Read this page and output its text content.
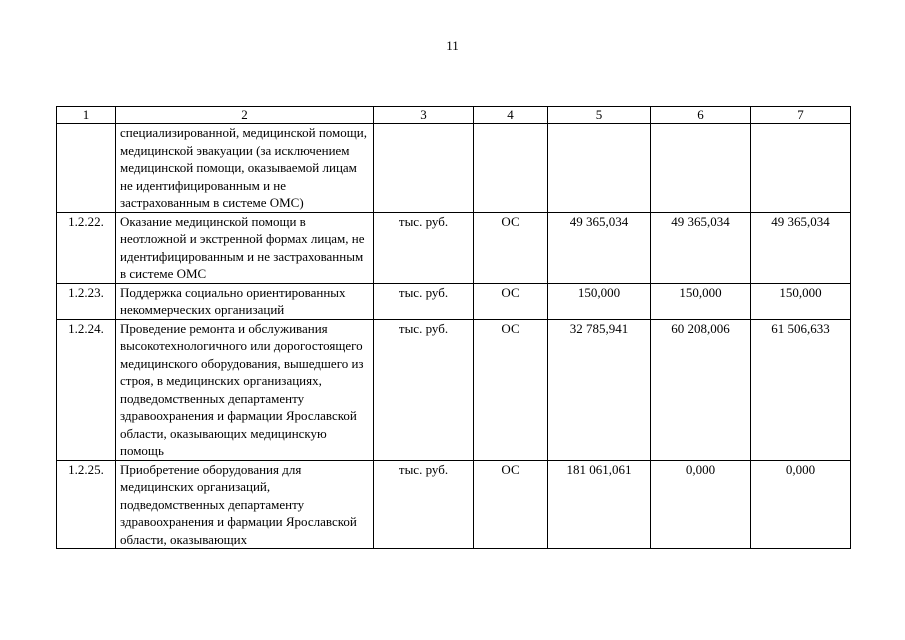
11
1	2	3	4	5	6	7
	специализированной, медицинской помощи, медицинской эвакуации (за исключением медицинской помощи, оказываемой лицам не идентифицированным и не застрахованным в системе ОМС)					
1.2.22.	Оказание медицинской помощи в неотложной и экстренной формах лицам, не идентифицированным и не застрахованным в системе ОМС	тыс. руб.	ОС	49 365,034	49 365,034	49 365,034
1.2.23.	Поддержка социально ориентированных некоммерческих организаций	тыс. руб.	ОС	150,000	150,000	150,000
1.2.24.	Проведение ремонта и обслуживания высокотехнологичного или дорогостоящего медицинского оборудования, вышедшего из строя, в медицинских организациях, подведомственных департаменту здравоохранения и фармации Ярославской области, оказывающих медицинскую помощь	тыс. руб.	ОС	32 785,941	60 208,006	61 506,633
1.2.25.	Приобретение оборудования для медицинских организаций, подведомственных департаменту здравоохранения и фармации Ярославской области, оказывающих	тыс. руб.	ОС	181 061,061	0,000	0,000
